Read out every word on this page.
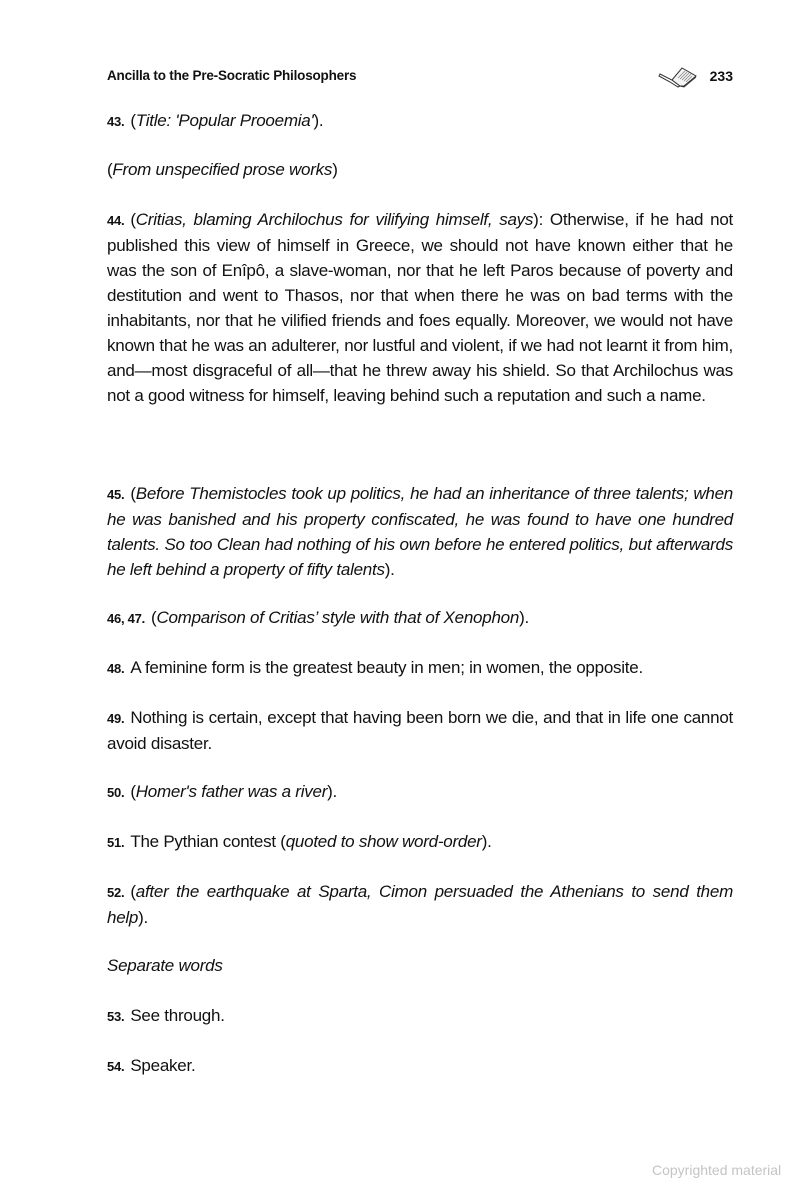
Ancilla to the Pre-Socratic Philosophers	233

43. (Title: 'Popular Prooemia').

(From unspecified prose works)

44. (Critias, blaming Archilochus for vilifying himself, says): Otherwise, if he had not published this view of himself in Greece, we should not have known either that he was the son of Enîpô, a slave-woman, nor that he left Paros because of poverty and destitution and went to Thasos, nor that when there he was on bad terms with the inhabitants, nor that he vilified friends and foes equally. Moreover, we would not have known that he was an adulterer, nor lustful and violent, if we had not learnt it from him, and—most disgraceful of all—that he threw away his shield. So that Archilochus was not a good witness for himself, leaving behind such a reputation and such a name.

45. (Before Themistocles took up politics, he had an inheritance of three talents; when he was banished and his property confiscated, he was found to have one hundred talents. So too Clean had nothing of his own before he entered politics, but afterwards he left behind a property of fifty talents).

46, 47. (Comparison of Critias’ style with that of Xenophon).

48. A feminine form is the greatest beauty in men; in women, the opposite.

49. Nothing is certain, except that having been born we die, and that in life one cannot avoid disaster.

50. (Homer's father was a river).

51. The Pythian contest (quoted to show word-order).

52. (after the earthquake at Sparta, Cimon persuaded the Athenians to send them help).

Separate words

53. See through.

54. Speaker.

Copyrighted material
